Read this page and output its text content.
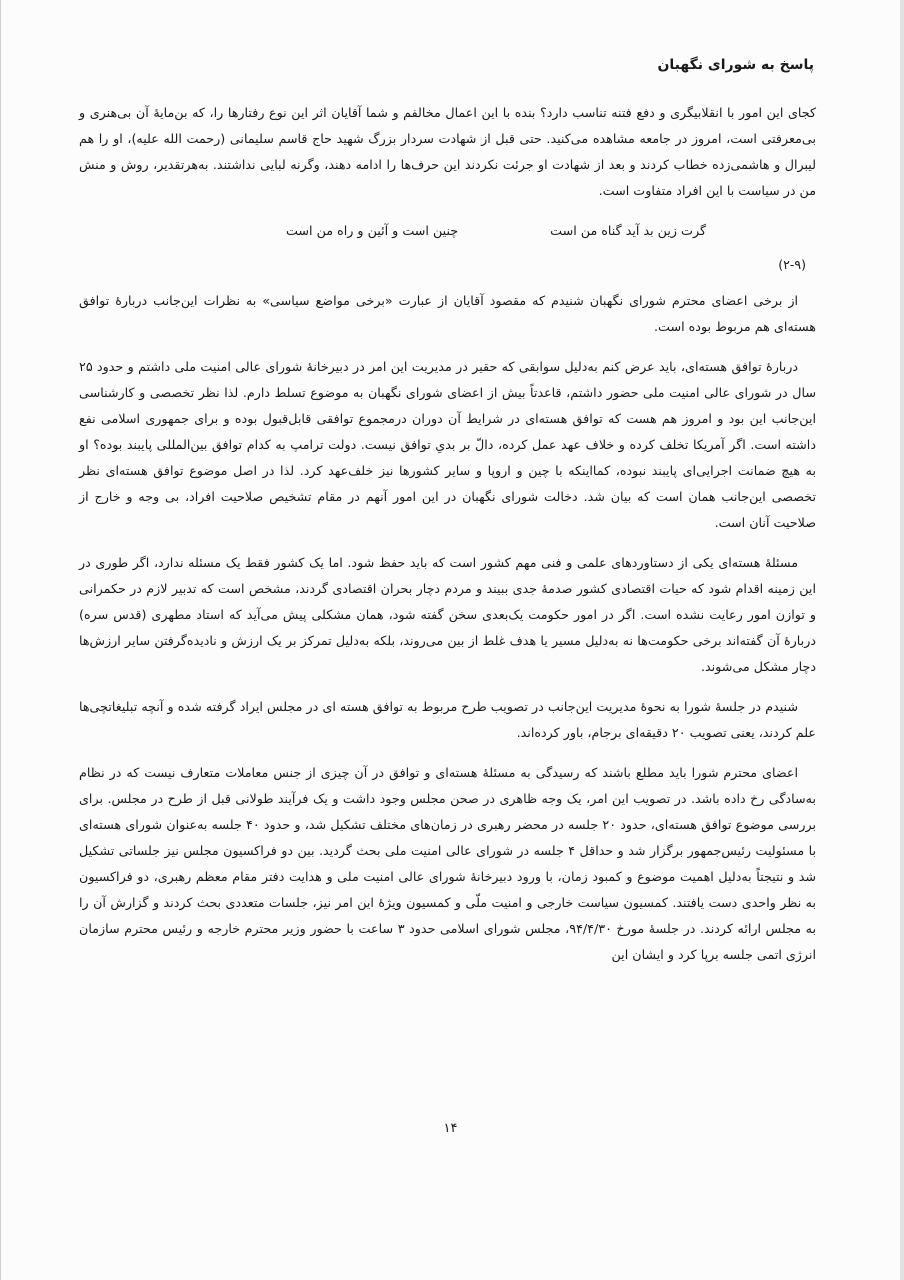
پاسخ به شورای نگهبان

کجای این امور با انقلابیگری و دفع فتنه تناسب دارد؟ بنده با این اعمال مخالفم و شما آقایان اثر این نوع رفتارها را، که بن‌مایهٔ آن بی‌هنری و بی‌معرفتی است، امروز در جامعه مشاهده می‌کنید. حتی قبل از شهادت سردار بزرگ شهید حاج قاسم سلیمانی (رحمت الله علیه)، او را هم لیبرال و هاشمی‌زده خطاب کردند و بعد از شهادت او جرئت نکردند این حرف‌ها را ادامه دهند، وگرنه لبایی نداشتند. به‌هرتقدیر، روش و منش من در سیاست با این افراد متفاوت است.

گرت زین بد آید گناه من است
چنین است و آئین و راه من است
(۲-۹)

از برخی اعضای محترم شورای نگهبان شنیدم که مقصود آقایان از عبارت «برخی مواضع سیاسی» به نظرات این‌جانب دربارهٔ توافق هسته‌ای هم مربوط بوده است.

دربارهٔ توافق هسته‌ای، باید عرض کنم به‌دلیل سوابقی که حقیر در مدیریت این امر در دبیرخانهٔ شورای عالی امنیت ملی داشتم و حدود ۲۵ سال در شورای عالی امنیت ملی حضور داشتم، قاعدتاً بیش از اعضای شورای نگهبان به موضوع تسلط دارم. لذا نظر تخصصی و کارشناسی این‌جانب این بود و امروز هم هست که توافق هسته‌ای در شرایط آن دوران درمجموع توافقی قابل‌قبول بوده و برای جمهوری اسلامی نفع داشته است. اگر آمریکا تخلف کرده و خلاف عهد عمل کرده، دالّ بر بدیِ توافق نیست. دولت ترامپ به کدام توافق بین‌المللی پایبند بوده؟ او به هیچ ضمانت اجرایی‌ای پایبند نبوده، کمااینکه با چین و اروپا و سایر کشورها نیز خلف‌عهد کرد. لذا در اصل موضوع توافق هسته‌ای نظر تخصصی این‌جانب همان است که بیان شد. دخالت شورای نگهبان در این امور آنهم در مقام تشخیص صلاحیت افراد، بی وجه و خارج از صلاحیت آنان است.

مسئلهٔ هسته‌ای یکی از دستاوردهای علمی و فنی مهم کشور است که باید حفظ شود. اما یک کشور فقط یک مسئله ندارد، اگر طوری در این زمینه اقدام شود که حیات اقتصادی کشور صدمهٔ جدی ببیند و مردم دچار بحران اقتصادی گردند، مشخص است که تدبیر لازم در حکمرانی و توازن امور رعایت نشده است. اگر در امور حکومت یک‌بعدی سخن گفته شود، همان مشکلی پیش می‌آید که استاد مطهری (قدس سره) دربارهٔ آن گفته‌اند برخی حکومت‌ها نه به‌دلیل مسیر یا هدف غلط از بین می‌روند، بلکه به‌دلیل تمرکز بر یک ارزش و نادیده‌گرفتن سایر ارزش‌ها دچار مشکل می‌شوند.

شنیدم در جلسهٔ شورا به نحوهٔ مدیریت این‌جانب در تصویب طرح مربوط به توافق هسته ای در مجلس ایراد گرفته شده و آنچه تبلیغاتچی‌ها علم کردند، یعنی تصویب ۲۰ دقیقه‌ای برجام، باور کرده‌اند.

اعضای محترم شورا باید مطلع باشند که رسیدگی به مسئلهٔ هسته‌ای و توافق در آن چیزی از جنس معاملات متعارف نیست که در نظام به‌سادگی رخ داده باشد. در تصویب این امر، یک وجه ظاهری در صحن مجلس وجود داشت و یک فرآیند طولانی قبل از طرح در مجلس. برای بررسی موضوع توافق هسته‌ای، حدود ۲۰ جلسه در محضر رهبری در زمان‌های مختلف تشکیل شد، و حدود ۴۰ جلسه به‌عنوان شورای هسته‌ای با مسئولیت رئیس‌جمهور برگزار شد و حداقل ۴ جلسه در شورای عالی امنیت ملی بحث گردید. بین دو فراکسیون مجلس نیز جلساتی تشکیل شد و نتیجتاً به‌دلیل اهمیت موضوع و کمبود زمان، با ورود دبیرخانهٔ شورای عالی امنیت ملی و هدایت دفتر مقام معظم رهبری، دو فراکسیون به نظر واحدی دست یافتند. کمسیون سیاست خارجی و امنیت ملّی و کمسیون ویژهٔ این امر نیز، جلسات متعددی بحث کردند و گزارش آن را به مجلس ارائه کردند. در جلسهٔ مورخ ۹۴/۴/۳۰، مجلس شورای اسلامی حدود ۳ ساعت با حضور وزیر محترم خارجه و رئیس محترم سازمان انرژی اتمی جلسه برپا کرد و ایشان این

۱۴
